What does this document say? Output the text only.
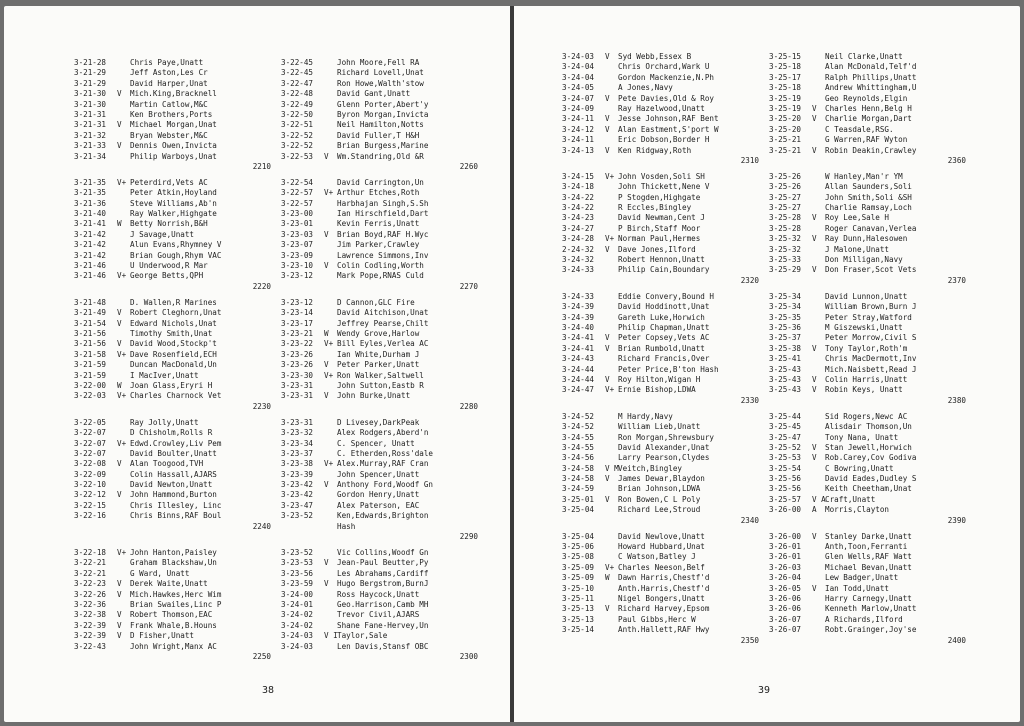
3-21-28	Chris Paye,Unatt
3-21-29	Jeff Aston,Les Cr
3-21-29	David Harper,Unat
3-21-30	V	Mich.King,Bracknell
3-21-30	Martin Catlow,M&C
3-21-31	Ken Brothers,Ports
3-21-31	V	Michael Morgan,Unat
3-21-32	Bryan Webster,M&C
3-21-33	V	Dennis Owen,Invicta
3-21-34	Philip Warboys,Unat
2210
3-22-45	John Moore,Fell RA
3-22-45	Richard Lovell,Unat
3-22-47	Ron Howe,Walth'stow
3-22-48	David Gant,Unatt
3-22-49	Glenn Porter,Abert'y
3-22-50	Byron Morgan,Invicta
3-22-51	Neil Hamilton,Notts
3-22-52	David Fuller,T H&H
3-22-52	Brian Burgess,Marine
3-22-53	V	Wm.Standring,Old &R
2260
3-21-35	V+ Peterdird,Vets AC
3-21-35	Peter Atkin,Hoyland
3-21-36	Steve Williams,Ab'n
3-21-40	Ray Walker,Highgate
3-21-41	W	Betty Norrish,B&H
3-21-42	J Savage,Unatt
3-21-42	Alun Evans,Rhymney V
3-21-42	Brian Gough,Rhym VAC
3-21-46	U Underwood,R Mar
3-21-46	V+ George Betts,QPH
2220
3-22-54	David Carrington,Un
3-22-57	V+ Arthur Etches,Roth
3-22-57	Harbhajan Singh,S.Sh
3-23-00	Ian Hirschfield,Dart
3-23-01	Kevin Ferris,Unatt
3-23-03	V	Brian Boyd,RAF H.Wyc
3-23-07	Jim Parker,Crawley
3-23-09	Lawrence Simmons,Inv
3-23-10	V	Colin Codling,Worth
3-23-12	Mark Pope,RNAS Culd
2270
3-21-48	D. Wallen,R Marines
3-21-49	V	Robert Cleghorn,Unat
3-21-54	V	Edward Nichols,Unat
3-21-56	Timothy Smith,Unat
3-21-56	V	David Wood,Stockp't
3-21-58	V+ Dave Rosenfield,ECH
3-21-59	Duncan MacDonald,Un
3-21-59	I MacIver,Unatt
3-22-00	W	Joan Glass,Eryri H
3-22-03	V+ Charles Charnock Vet
2230
3-23-12	D Cannon,GLC Fire
3-23-14	David Aitchison,Unat
3-23-17	Jeffrey Pearse,Chilt
3-23-21	W	Wendy Grove,Harlow
3-23-22	V+ Bill Eyles,Verlea AC
3-23-26	Ian White,Durham J
3-23-26	V	Peter Parker,Unatt
3-23-30	V+ Ron Walker,Saltwell
3-23-31	John Sutton,Eastb R
3-23-31	V	John Burke,Unatt
2280
3-22-05	Ray Jolly,Unatt
3-22-07	D Chisholm,Rolls R
3-22-07	V+ Edwd.Crowley,Liv Pem
3-22-07	David Boulter,Unatt
3-22-08	V	Alan Toogood,TVH
3-22-09	Colin Hassall,AJARS
3-22-10	David Newton,Unatt
3-22-12	V	John Hammond,Burton
3-22-15	Chris Illesley, Linc
3-22-16	Chris Binns,RAF Boul
2240
3-23-31	D Livesey,DarkPeak
3-23-32	Alex Rodgers,Aberd'n
3-23-34	C. Spencer, Unatt
3-23-37	C. Etherden,Ross'dale
3-23-38	V+ Alex.Murray,RAF Cran
3-23-39	John Spencer,Unatt
3-23-42	V	Anthony Ford,Woodf Gn
3-23-42	Gordon Henry,Unatt
3-23-47	Alex Paterson, EAC
3-23-52	Ken,Edwards,Brighton
Hash
2290
3-22-18	V+ John Hanton,Paisley
3-22-21	Graham Blackshaw,Un
3-22-21	G Ward, Unatt
3-22-23	V	Derek Waite,Unatt
3-22-26	V	Mich.Hawkes,Herc Wim
3-22-36	Brian Swailes,Linc P
3-22-38	V	Robert Thomson,EAC
3-22-39	V	Frank Whale,B.Houns
3-22-39	V	D Fisher,Unatt
3-22-43	John Wright,Manx AC
2250
3-23-52	Vic Collins,Woodf Gn
3-23-53	V	Jean-Paul Beutter,Py
3-23-56	Les Abrahams,Cardiff
3-23-59	V	Hugo Bergstrom,BurnJ
3-24-00	Ross Haycock,Unatt
3-24-01	Geo.Harrison,Camb MH
3-24-02	Trevor Civil,AJARS
3-24-02	Shane Fane-Hervey,Un
3-24-03	V I Taylor,Sale
3-24-03	Len Davis,Stansf OBC
2300
38
3-24-03	V	Syd Webb,Essex B
3-24-04	Chris Orchard,Wark U
3-24-04	Gordon Mackenzie,N.Ph
3-24-05	A Jones,Navy
3-24-07	V	Pete Davies,Old & Roy
3-24-09	Ray Hazelwood,Unatt
3-24-11	V	Jesse Johnson,RAF Bent
3-24-12	V	Alan Eastment,S'port W
3-24-11	Eric Dobson,Border H
3-24-13	V	Ken Ridgway,Roth
2310
3-25-15	Neil Clarke,Unatt
3-25-18	Alan McDonald,Telf'd
3-25-17	Ralph Phillips,Unatt
3-25-18	Andrew Whittingham,U
3-25-19	Geo Reynolds,Elgin
3-25-19	V	Charles Henn,Belg H
3-25-20	V	Charlie Morgan,Dart
3-25-20	C Teasdale,RSG.
3-25-21	G Warren,RAF Wyton
3-25-21	V	Robin Deakin,Crawley
2360
3-24-15	V+ John Vosden,Soli SH
3-24-18	John Thickett,Nene V
3-24-22	P Stogden,Highgate
3-24-22	R Eccles,Bingley
3-24-23	David Newman,Cent J
3-24-27	P Birch,Staff Moor
3-24-28	V+ Norman Paul,Hermes
2-24-32	V	Dave Jones,Ilford
3-24-32	Robert Hennon,Unatt
3-24-33	Philip Cain,Boundary
2320
3-25-26	W Hanley,Man'r YM
3-25-26	Allan Saunders,Soli
3-25-27	John Smith,Soli &SH
3-25-27	Charlie Ramsay,Loch
3-25-28	V	Roy Lee,Sale H
3-25-28	Roger Canavan,Verlea
3-25-32	V	Ray Dunn,Halesowen
3-25-32	J Malone,Unatt
3-25-33	Don Milligan,Navy
3-25-29	V	Don Fraser,Scot Vets
2370
3-24-33	Eddie Convery,Bound H
3-24-39	David Hoddinott,Unat
3-24-39	Gareth Luke,Horwich
3-24-40	Philip Chapman,Unatt
3-24-41	V	Peter Copsey,Vets AC
3-24-41	V	Brian Rumbold,Unatt
3-24-43	Richard Francis,Over
3-24-44	Peter Price,B'ton Hash
3-24-44	V	Roy Hilton,Wigan H
3-24-47	V+ Ernie Bishop,LDWA
2330
3-25-34	David Lunnon,Unatt
3-25-34	William Brown,Burn J
3-25-35	Peter Stray,Watford
3-25-36	M Giszewski,Unatt
3-25-37	Peter Morrow,Civil S
3-25-38	V	Tony Taylor,Roth'm
3-25-41	Chris MacDermott,Inv
3-25-43	Mich.Naisbett,Read J
3-25-43	V	Colin Harris,Unatt
3-25-43	V	Robin Keys, Unatt
2380
3-24-52	M Hardy,Navy
3-24-52	William Lieb,Unatt
3-24-55	Ron Morgan,Shrewsbury
3-24-55	David Alexander,Unat
3-24-56	Larry Pearson,Clydes
3-24-58	V M Veitch,Bingley
3-24-58	V	James Dewar,Blaydon
3-24-59	Brian Johnson,LDWA
3-25-01	V	Ron Bowen,C L Poly
3-25-04	Richard Lee,Stroud
2340
3-25-44	Sid Rogers,Newc AC
3-25-45	Alisdair Thomson,Un
3-25-47	Tony Nana, Unatt
3-25-52	V	Stan Jewell,Horwich
3-25-53	V	Rob.Carey,Cov Godiva
3-25-54	C Bowring,Unatt
3-25-56	David Eades,Dudley S
3-25-56	Keith Cheetham,Unat
3-25-57	V A Craft,Unatt
3-26-00	A	Morris,Clayton
2390
3-25-04	David Newlove,Unatt
3-25-06	Howard Hubbard,Unat
3-25-08	C Watson,Batley J
3-25-09	V+ Charles Neeson,Belf
3-25-09	W	Dawn Harris,Chestf'd
3-25-10	Anth.Harris,Chestf'd
3-25-11	Nigel Bongers,Unatt
3-25-13	V	Richard Harvey,Epsom
3-25-13	Paul Gibbs,Herc W
3-25-14	Anth.Hallett,RAF Hwy
2350
3-26-00	V	Stanley Darke,Unatt
3-26-01	Anth,Toon,Ferranti
3-26-01	Glen Wells,RAF Watt
3-26-03	Michael Bevan,Unatt
3-26-04	Lew Badger,Unatt
3-26-05	V	Ian Todd,Unatt
3-26-06	Harry Carnegy,Unatt
3-26-06	Kenneth Marlow,Unatt
3-26-07	A Richards,Ilford
3-26-07	Robt.Grainger,Joy'se
2400
39
